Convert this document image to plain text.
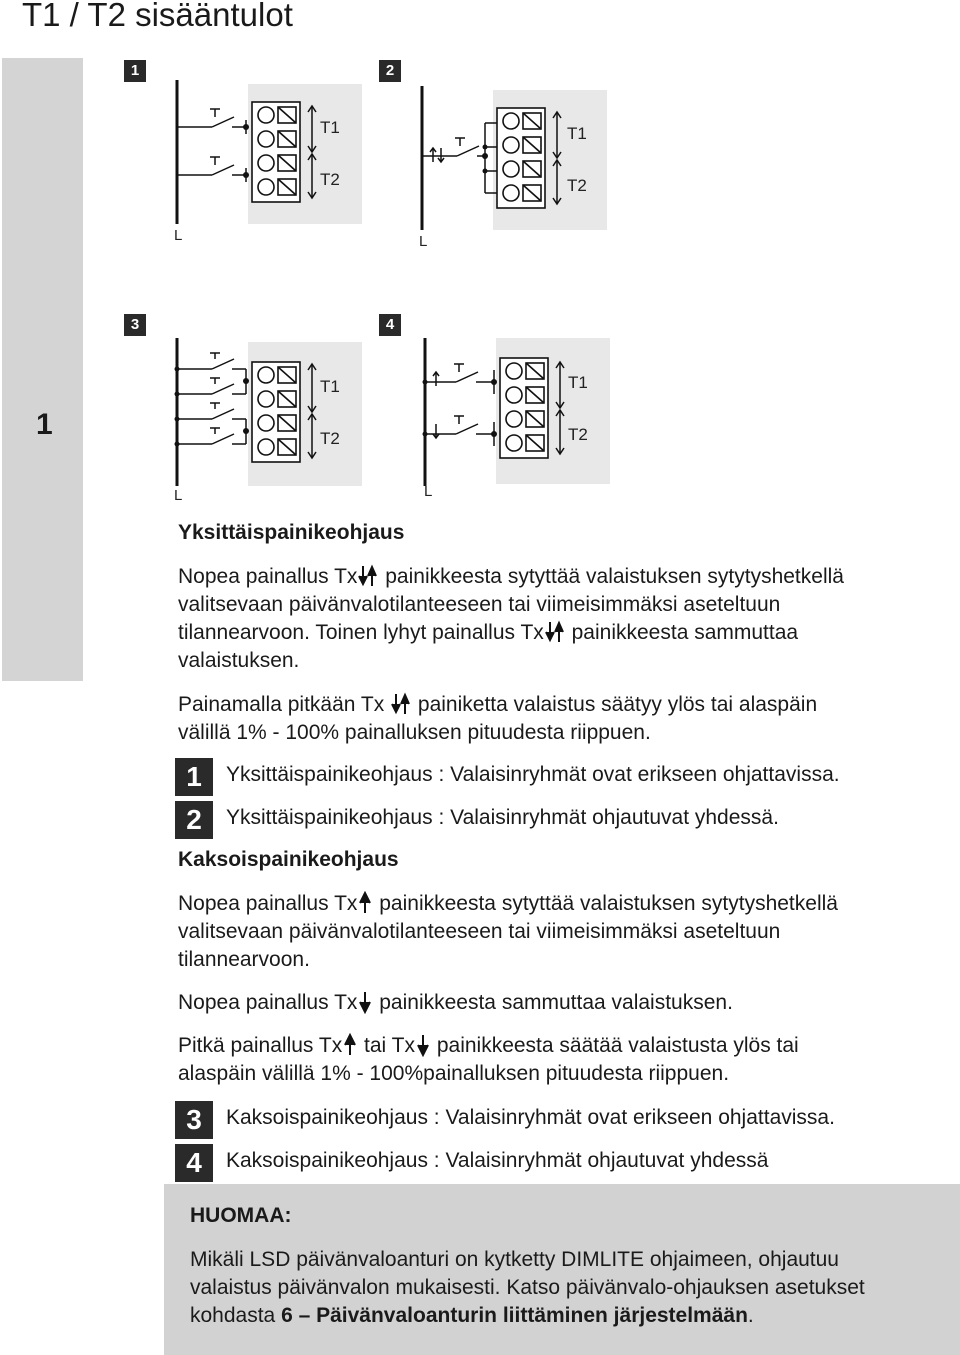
T1 / T2 sisääntulot
1
1	2
3	4
T1
T2
L
T1
T2
L
T1
T2
L
T1
T2
L
Yksittäispainikeohjaus
Nopea painallus Tx painikkeesta sytyttää valaistuksen sytytyshetkellä
valitsevaan päivänvalotilanteeseen tai viimeisimmäksi aseteltuun
tilannearvoon. Toinen lyhyt painallus Tx painikkeesta sammuttaa
valaistuksen.
Painamalla pitkään Tx  painiketta valaistus säätyy ylös tai alaspäin
välillä 1% - 100% painalluksen pituudesta riippuen.
1	Yksittäispainikeohjaus : Valaisinryhmät ovat erikseen ohjattavissa.
2	Yksittäispainikeohjaus : Valaisinryhmät ohjautuvat yhdessä.
Kaksoispainikeohjaus
Nopea painallus Tx painikkeesta sytyttää valaistuksen sytytyshetkellä
valitsevaan päivänvalotilanteeseen tai viimeisimmäksi aseteltuun
tilannearvoon.
Nopea painallus Tx painikkeesta sammuttaa valaistuksen.
Pitkä painallus Tx tai Tx painikkeesta säätää valaistusta ylös tai
alaspäin välillä 1% - 100%painalluksen pituudesta riippuen.
3	Kaksoispainikeohjaus : Valaisinryhmät ovat erikseen ohjattavissa.
4	Kaksoispainikeohjaus : Valaisinryhmät ohjautuvat yhdessä
HUOMAA:
Mikäli LSD päivänvaloanturi on kytketty DIMLITE ohjaimeen, ohjautuu
valaistus päivänvalon mukaisesti. Katso päivänvalo-ohjauksen asetukset
kohdasta 6 – Päivänvaloanturin liittäminen järjestelmään.
